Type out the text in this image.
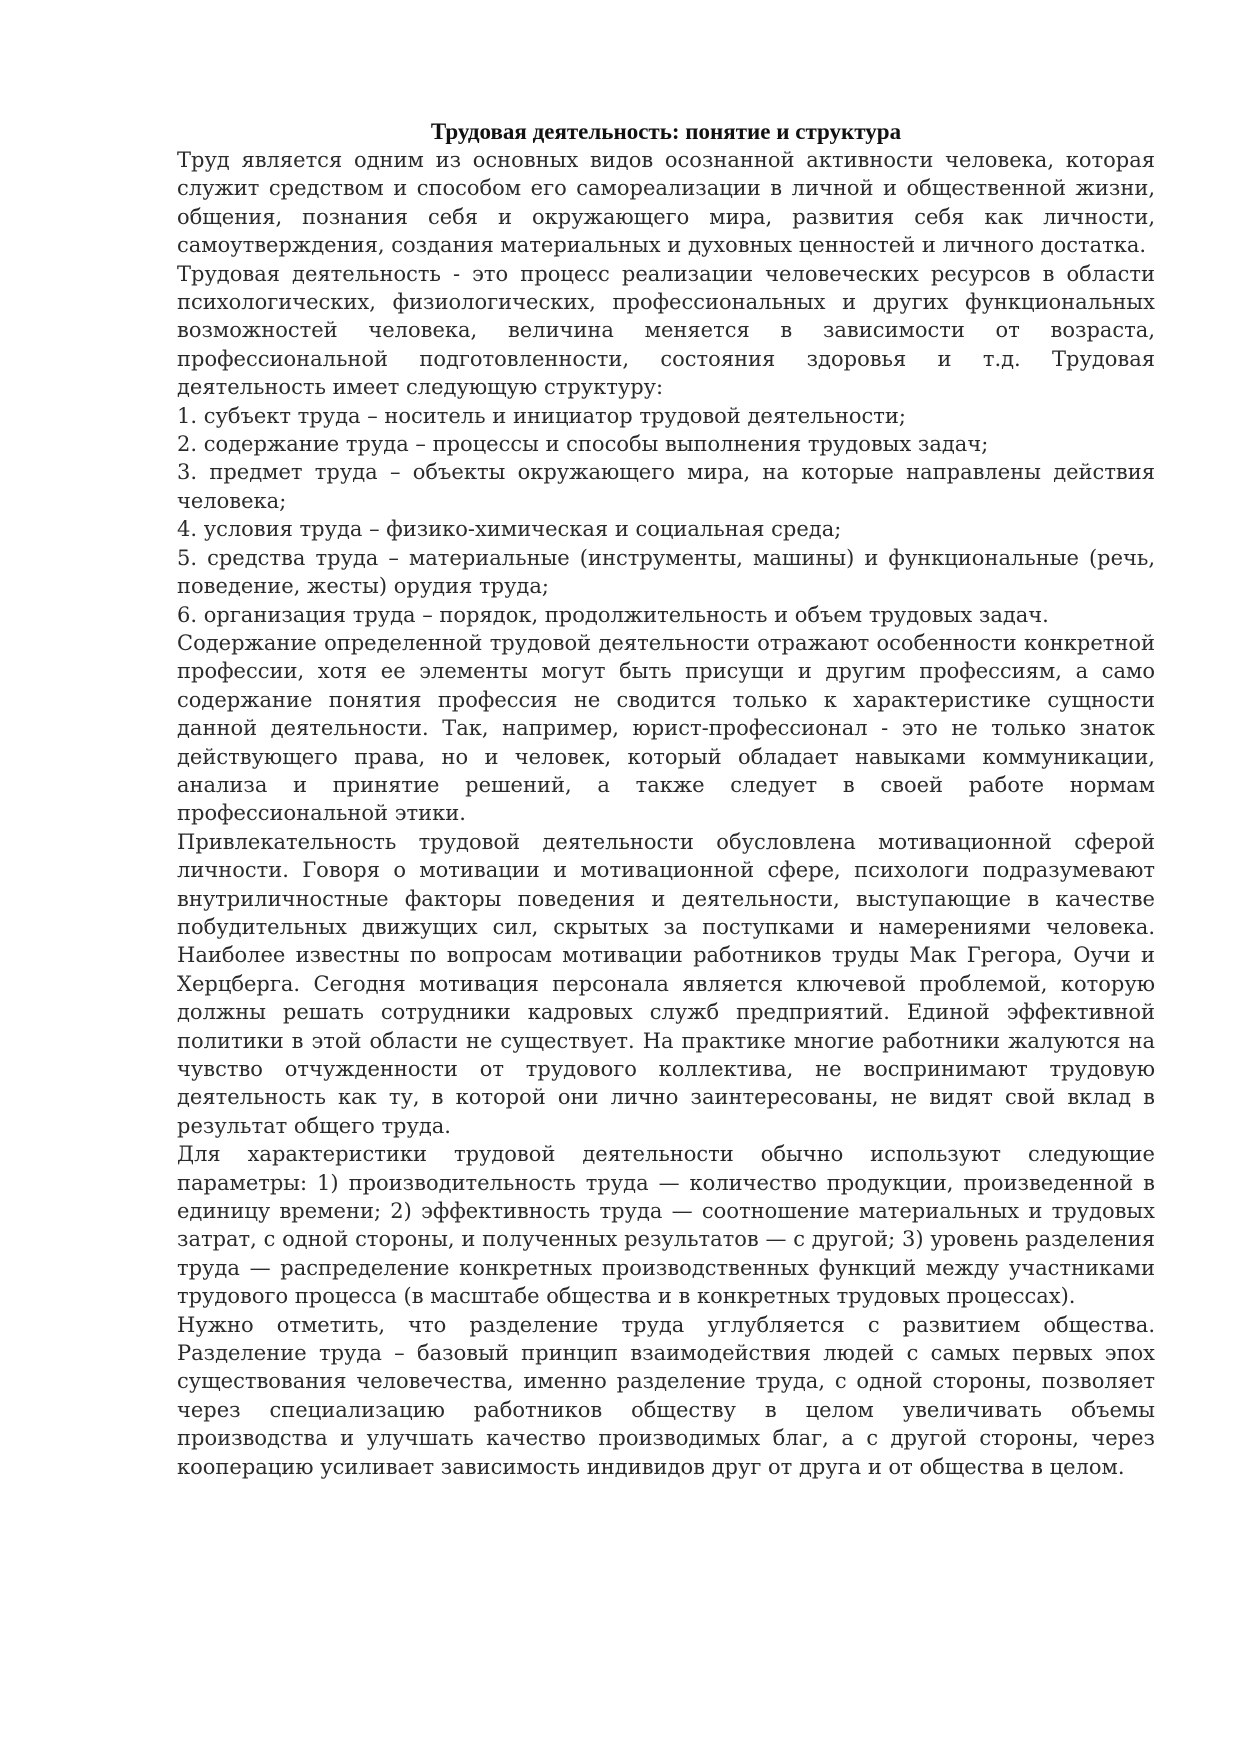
Трудовая деятельность: понятие и структура

Труд является одним из основных видов осознанной активности человека, которая служит средством и способом его самореализации в личной и общественной жизни, общения, познания себя и окружающего мира, развития себя как личности, самоутверждения, создания материальных и духовных ценностей и личного достатка.

Трудовая деятельность - это процесс реализации человеческих ресурсов в области психологических, физиологических, профессиональных и других функциональных возможностей человека, величина меняется в зависимости от возраста, профессиональной подготовленности, состояния здоровья и т.д. Трудовая деятельность имеет следующую структуру:

1. субъект труда – носитель и инициатор трудовой деятельности;
2. содержание труда – процессы и способы выполнения трудовых задач;
3. предмет труда – объекты окружающего мира, на которые направлены действия человека;
4. условия труда – физико-химическая и социальная среда;
5. средства труда – материальные (инструменты, машины) и функциональные (речь, поведение, жесты) орудия труда;
6. организация труда – порядок, продолжительность и объем трудовых задач.

Содержание определенной трудовой деятельности отражают особенности конкретной профессии, хотя ее элементы могут быть присущи и другим профессиям, а само содержание понятия профессия не сводится только к характеристике сущности данной деятельности. Так, например, юрист-профессионал - это не только знаток действующего права, но и человек, который обладает навыками коммуникации, анализа и принятие решений, а также следует в своей работе нормам профессиональной этики.

Привлекательность трудовой деятельности обусловлена мотивационной сферой личности. Говоря о мотивации и мотивационной сфере, психологи подразумевают внутриличностные факторы поведения и деятельности, выступающие в качестве побудительных движущих сил, скрытых за поступками и намерениями человека. Наиболее известны по вопросам мотивации работников труды Мак Грегора, Оучи и Херцберга. Сегодня мотивация персонала является ключевой проблемой, которую должны решать сотрудники кадровых служб предприятий. Единой эффективной политики в этой области не существует. На практике многие работники жалуются на чувство отчужденности от трудового коллектива, не воспринимают трудовую деятельность как ту, в которой они лично заинтересованы, не видят свой вклад в результат общего труда.

Для характеристики трудовой деятельности обычно используют следующие параметры: 1) производительность труда — количество продукции, произведенной в единицу времени; 2) эффективность труда — соотношение материальных и трудовых затрат, с одной стороны, и полученных результатов — с другой; 3) уровень разделения труда — распределение конкретных производственных функций между участниками трудового процесса (в масштабе общества и в конкретных трудовых процессах).

Нужно отметить, что разделение труда углубляется с развитием общества. Разделение труда – базовый принцип взаимодействия людей с самых первых эпох существования человечества, именно разделение труда, с одной стороны, позволяет через специализацию работников обществу в целом увеличивать объемы производства и улучшать качество производимых благ, а с другой стороны, через кооперацию усиливает зависимость индивидов друг от друга и от общества в целом.
